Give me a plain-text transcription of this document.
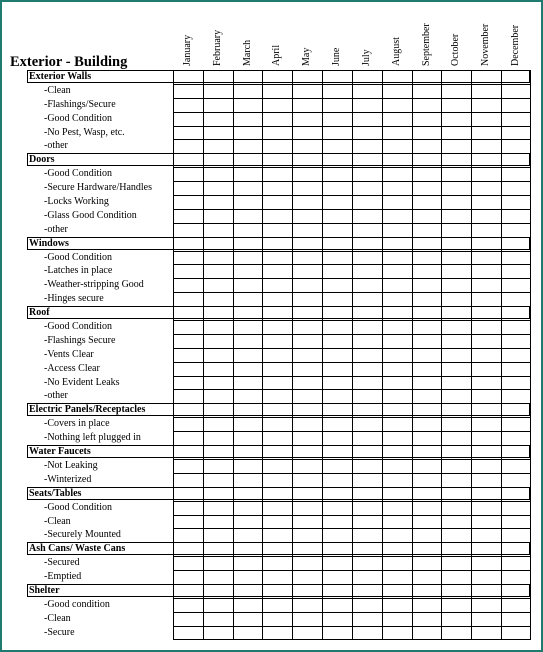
January February March April May June July August September October November December
Exterior - Building
Exterior Walls
-Clean
-Flashings/Secure
-Good Condition
-No Pest, Wasp, etc.
-other
Doors
-Good Condition
-Secure Hardware/Handles
-Locks Working
-Glass Good Condition
-other
Windows
-Good Condition
-Latches in place
-Weather-stripping Good
-Hinges secure
Roof
-Good Condition
-Flashings Secure
-Vents Clear
-Access Clear
-No Evident Leaks
-other
Electric Panels/Receptacles
-Covers in place
-Nothing left plugged in
Water Faucets
-Not Leaking
-Winterized
Seats/Tables
-Good Condition
-Clean
-Securely Mounted
Ash Cans/ Waste Cans
-Secured
-Emptied
Shelter
-Good condition
-Clean
-Secure
